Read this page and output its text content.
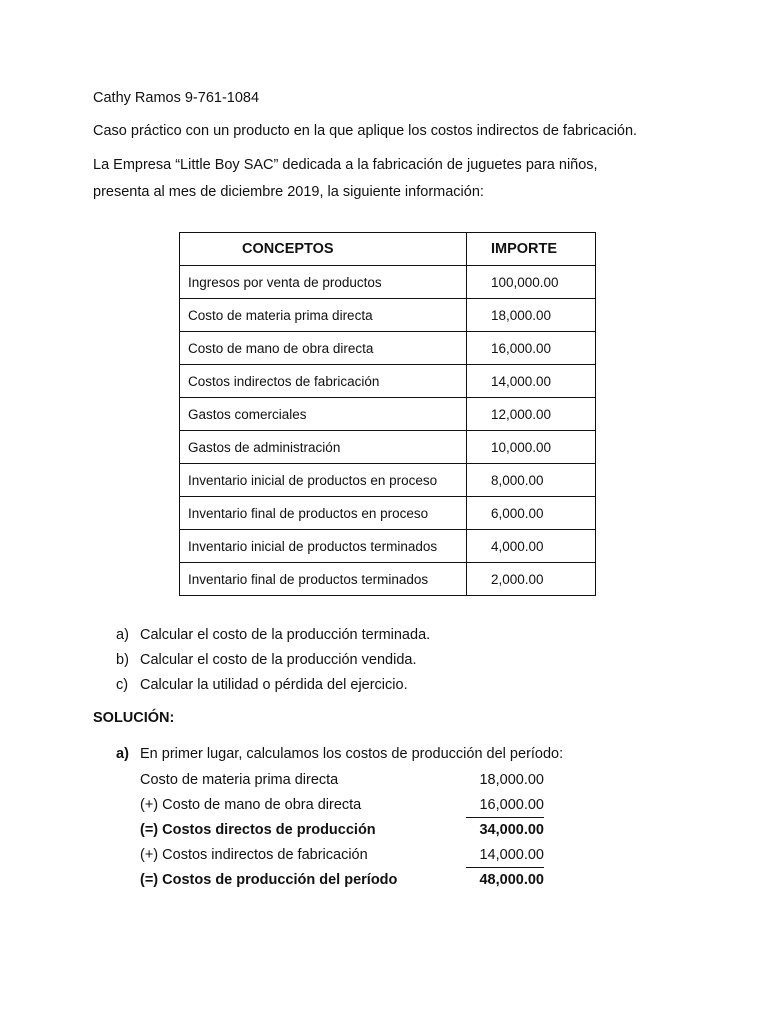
Cathy Ramos 9-761-1084

Caso práctico con un producto en la que aplique los costos indirectos de fabricación.

La Empresa “Little Boy SAC” dedicada a la fabricación de juguetes para niños,

presenta al mes de diciembre 2019, la siguiente información:

CONCEPTOS	IMPORTE
Ingresos por venta de productos	100,000.00
Costo de materia prima directa	18,000.00
Costo de mano de obra directa	16,000.00
Costos indirectos de fabricación	14,000.00
Gastos comerciales	12,000.00
Gastos de administración	10,000.00
Inventario inicial de productos en proceso	8,000.00
Inventario final de productos en proceso	6,000.00
Inventario inicial de productos terminados	4,000.00
Inventario final de productos terminados	2,000.00
a) Calcular el costo de la producción terminada.
b) Calcular el costo de la producción vendida.
c) Calcular la utilidad o pérdida del ejercicio.

SOLUCIÓN:

a) En primer lugar, calculamos los costos de producción del período:
Costo de materia prima directa	18,000.00
(+) Costo de mano de obra directa	16,000.00
(=) Costos directos de producción	34,000.00
(+) Costos indirectos de fabricación	14,000.00
(=) Costos de producción del período	48,000.00
